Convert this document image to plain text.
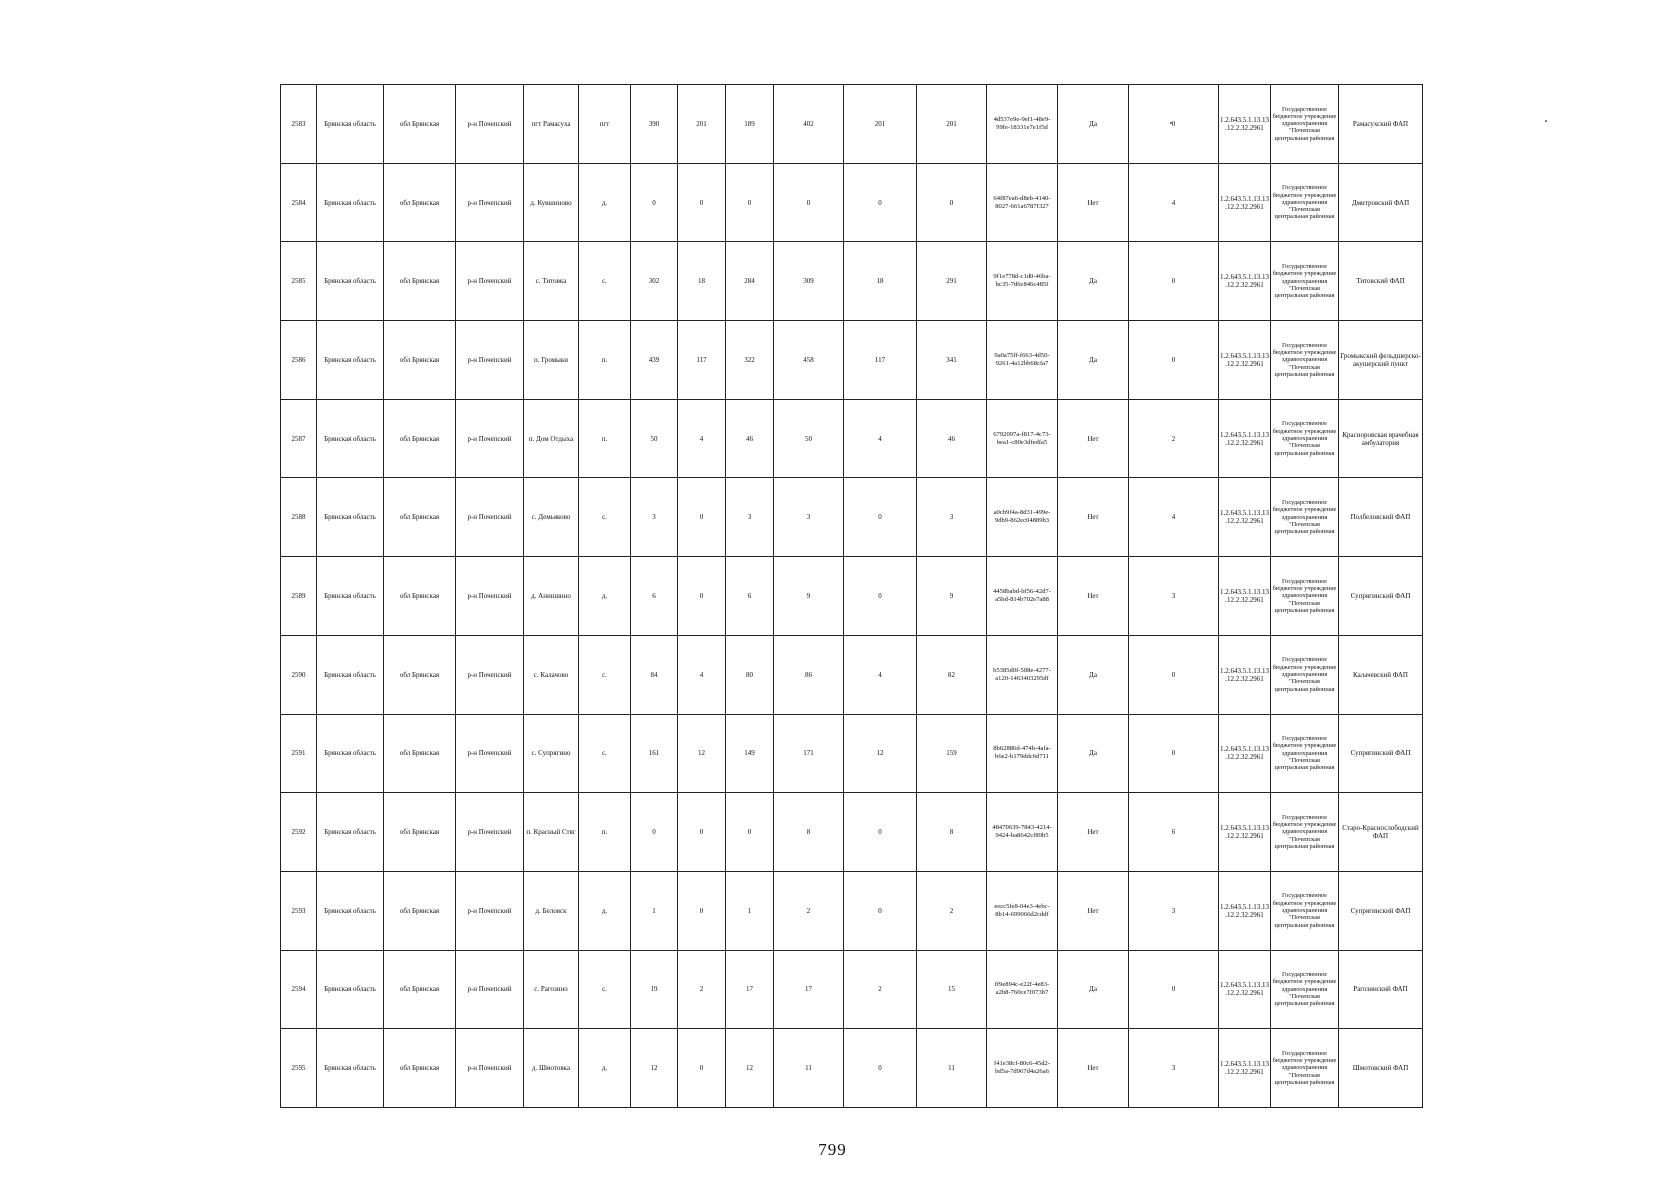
2583	Брянская область	обл Брянская	р-н Почепский	пгт Рамасуха	пгт	390	201	189	402	201	201	4d537e9e-9ef1-48e9-99fe-18331e7e1f5d	Да	0	1.2.643.5.1.13.13.12.2.32.2961	Государственное бюджетное учреждение здравоохранения "Почепская центральная районная	Рамасухский ФАП
2584	Брянская область	обл Брянская	р-н Почепский	д. Кувшиново	д.	0	0	0	0	0	0	64f87ea6-d8eb-4140-8027-661a6787f327	Нет	4	1.2.643.5.1.13.13.12.2.32.2961	Государственное бюджетное учреждение здравоохранения "Почепская центральная районная	Дмитровский ФАП
2585	Брянская область	обл Брянская	р-н Почепский	с. Титовка	с.	302	18	284	309	18	291	9f1e778d-c1d0-46ba-bc35-7d6c846c485f	Да	0	1.2.643.5.1.13.13.12.2.32.2961	Государственное бюджетное учреждение здравоохранения "Почепская центральная районная	Титовский ФАП
2586	Брянская область	обл Брянская	р-н Почепский	п. Громыки	п.	439	117	322	458	117	341	9a0a75ff-f663-4d50-9261-4a12bb68cfa7	Да	0	1.2.643.5.1.13.13.12.2.32.2961	Государственное бюджетное учреждение здравоохранения "Почепская центральная районная	Громыкский фельдшерско-акушерский пункт
2587	Брянская область	обл Брянская	р-н Почепский	п. Дом Отдыха	п.	50	4	46	50	4	46	6792097a-f817-4c73-bea1-c80e3dfedfa5	Нет	2	1.2.643.5.1.13.13.12.2.32.2961	Государственное бюджетное учреждение здравоохранения "Почепская центральная районная	Красноровская врачебная амбулатория
2588	Брянская область	обл Брянская	р-н Почепский	с. Демьяково	с.	3	0	3	3	0	3	a0cb9f4a-8d31-499e-9db9-862ec04889b3	Нет	4	1.2.643.5.1.13.13.12.2.32.2961	Государственное бюджетное учреждение здравоохранения "Почепская центральная районная	Полбеловский ФАП
2589	Брянская область	обл Брянская	р-н Почепский	д. Аниншино	д.	6	0	6	9	0	9	4458babd-bf56-42d7-a5bd-814b702e7a88	Нет	3	1.2.643.5.1.13.13.12.2.32.2961	Государственное бюджетное учреждение здравоохранения "Почепская центральная районная	Супрягинский ФАП
2590	Брянская область	обл Брянская	р-н Почепский	с. Калачово	с.	84	4	80	86	4	82	b5385d0f-508e-4277-a120-1463403295df	Да	0	1.2.643.5.1.13.13.12.2.32.2961	Государственное бюджетное учреждение здравоохранения "Почепская центральная районная	Калачевский ФАП
2591	Брянская область	обл Брянская	р-н Почепский	с. Супрягино	с.	161	12	149	171	12	159	8b62886d-474b-4afa-b6e2-b179ddc6d711	Да	0	1.2.643.5.1.13.13.12.2.32.2961	Государственное бюджетное учреждение здравоохранения "Почепская центральная районная	Супрягинский ФАП
2592	Брянская область	обл Брянская	р-н Почепский	п. Красный Стяг	п.	0	0	0	8	0	8	48470639-7843-4214-9424-ba8642cf89b5	Нет	6	1.2.643.5.1.13.13.12.2.32.2961	Государственное бюджетное учреждение здравоохранения "Почепская центральная районная	Старо-Краснослободский ФАП
2593	Брянская область	обл Брянская	р-н Почепский	д. Беловск	д.	1	0	1	2	0	2	eecc5fe8-04e3-4ebc-8b14-699066d2cddf	Нет	3	1.2.643.5.1.13.13.12.2.32.2961	Государственное бюджетное учреждение здравоохранения "Почепская центральная районная	Супрягинский ФАП
2594	Брянская область	обл Брянская	р-н Почепский	с. Рагозино	с.	19	2	17	17	2	15	ff9e894c-e22f-4e83-a2b8-760ce7f073b7	Да	0	1.2.643.5.1.13.13.12.2.32.2961	Государственное бюджетное учреждение здравоохранения "Почепская центральная районная	Рагозинский ФАП
2595	Брянская область	обл Брянская	р-н Почепский	д. Шмотовка	д.	12	0	12	11	0	11	f41e38cf-80c6-45d2-bd5a-7d967d4a26a6	Нет	3	1.2.643.5.1.13.13.12.2.32.2961	Государственное бюджетное учреждение здравоохранения "Почепская центральная районная	Шмотовский ФАП
799
